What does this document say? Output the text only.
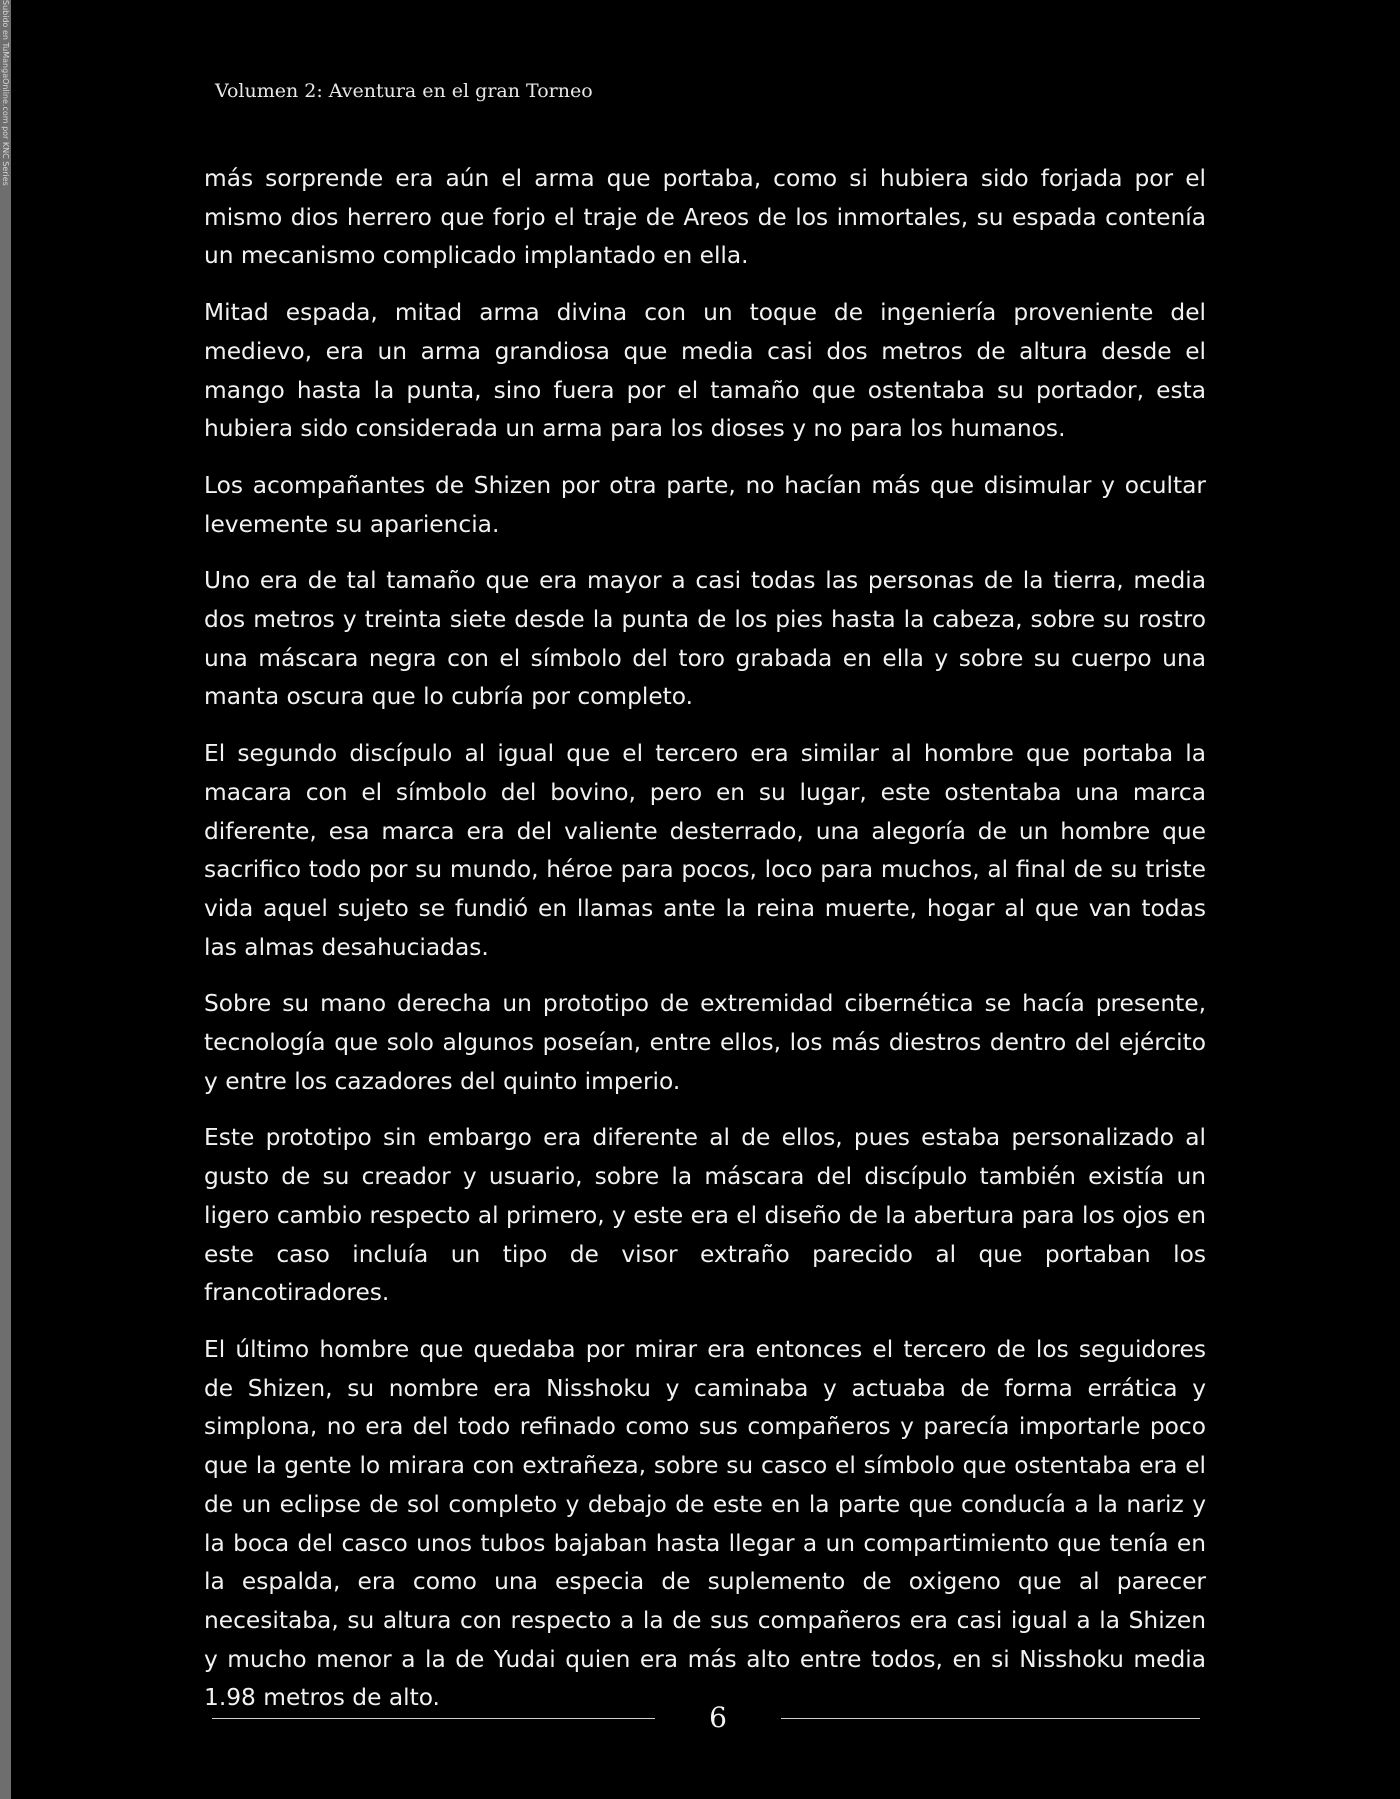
Subido en TuMangaOnline.com por KNC Series	Volumen 2: Aventura en el gran Torneo

más sorprende era aún el arma que portaba, como si hubiera sido forjada por el mismo dios herrero que forjo el traje de Areos de los inmortales, su espada contenía un mecanismo complicado implantado en ella.

Mitad espada, mitad arma divina con un toque de ingeniería proveniente del medievo, era un arma grandiosa que media casi dos metros de altura desde el mango hasta la punta, sino fuera por el tamaño que ostentaba su portador, esta hubiera sido considerada un arma para los dioses y no para los humanos.

Los acompañantes de Shizen por otra parte, no hacían más que disimular y ocultar levemente su apariencia.

Uno era de tal tamaño que era mayor a casi todas las personas de la tierra, media dos metros y treinta siete desde la punta de los pies hasta la cabeza, sobre su rostro una máscara negra con el símbolo del toro grabada en ella y sobre su cuerpo una manta oscura que lo cubría por completo.

El segundo discípulo al igual que el tercero era similar al hombre que portaba la macara con el símbolo del bovino, pero en su lugar, este ostentaba una marca diferente, esa marca era del valiente desterrado, una alegoría de un hombre que sacrifico todo por su mundo, héroe para pocos, loco para muchos, al final de su triste vida aquel sujeto se fundió en llamas ante la reina muerte, hogar al que van todas las almas desahuciadas.

Sobre su mano derecha un prototipo de extremidad cibernética se hacía presente, tecnología que solo algunos poseían, entre ellos, los más diestros dentro del ejército y entre los cazadores del quinto imperio.

Este prototipo sin embargo era diferente al de ellos, pues estaba personalizado al gusto de su creador y usuario, sobre la máscara del discípulo también existía un ligero cambio respecto al primero, y este era el diseño de la abertura para los ojos en este caso incluía un tipo de visor extraño parecido al que portaban los francotiradores.

El último hombre que quedaba por mirar era entonces el tercero de los seguidores de Shizen, su nombre era Nisshoku y caminaba y actuaba de forma errática y simplona, no era del todo refinado como sus compañeros y parecía importarle poco que la gente lo mirara con extrañeza, sobre su casco el símbolo que ostentaba era el de un eclipse de sol completo y debajo de este en la parte que conducía a la nariz y la boca del casco unos tubos bajaban hasta llegar a un compartimiento que tenía en la espalda, era como una especia de suplemento de oxigeno que al parecer necesitaba, su altura con respecto a la de sus compañeros era casi igual a la Shizen y mucho menor a la de Yudai quien era más alto entre todos, en si Nisshoku media 1.98 metros de alto.

6
